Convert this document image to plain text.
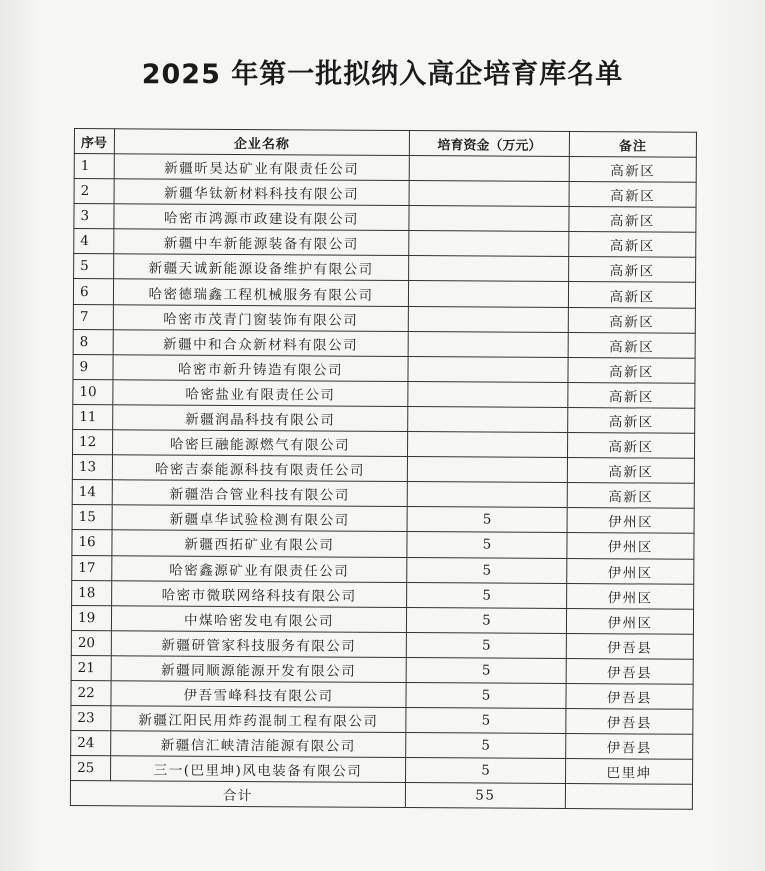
2025 年第一批拟纳入高企培育库名单
序号	企业名称	培育资金（万元）	备注
1	新疆昕昊达矿业有限责任公司		高新区
2	新疆华钛新材料科技有限公司		高新区
3	哈密市鸿源市政建设有限公司		高新区
4	新疆中车新能源装备有限公司		高新区
5	新疆天诚新能源设备维护有限公司		高新区
6	哈密德瑞鑫工程机械服务有限公司		高新区
7	哈密市茂青门窗装饰有限公司		高新区
8	新疆中和合众新材料有限公司		高新区
9	哈密市新升铸造有限公司		高新区
10	哈密盐业有限责任公司		高新区
11	新疆润晶科技有限公司		高新区
12	哈密巨融能源燃气有限公司		高新区
13	哈密吉泰能源科技有限责任公司		高新区
14	新疆浩合管业科技有限公司		高新区
15	新疆卓华试验检测有限公司	5	伊州区
16	新疆西拓矿业有限公司	5	伊州区
17	哈密鑫源矿业有限责任公司	5	伊州区
18	哈密市微联网络科技有限公司	5	伊州区
19	中煤哈密发电有限公司	5	伊州区
20	新疆研管家科技服务有限公司	5	伊吾县
21	新疆同顺源能源开发有限公司	5	伊吾县
22	伊吾雪峰科技有限公司	5	伊吾县
23	新疆江阳民用炸药混制工程有限公司	5	伊吾县
24	新疆信汇峡清洁能源有限公司	5	伊吾县
25	三一(巴里坤)风电装备有限公司	5	巴里坤
合计		55	
